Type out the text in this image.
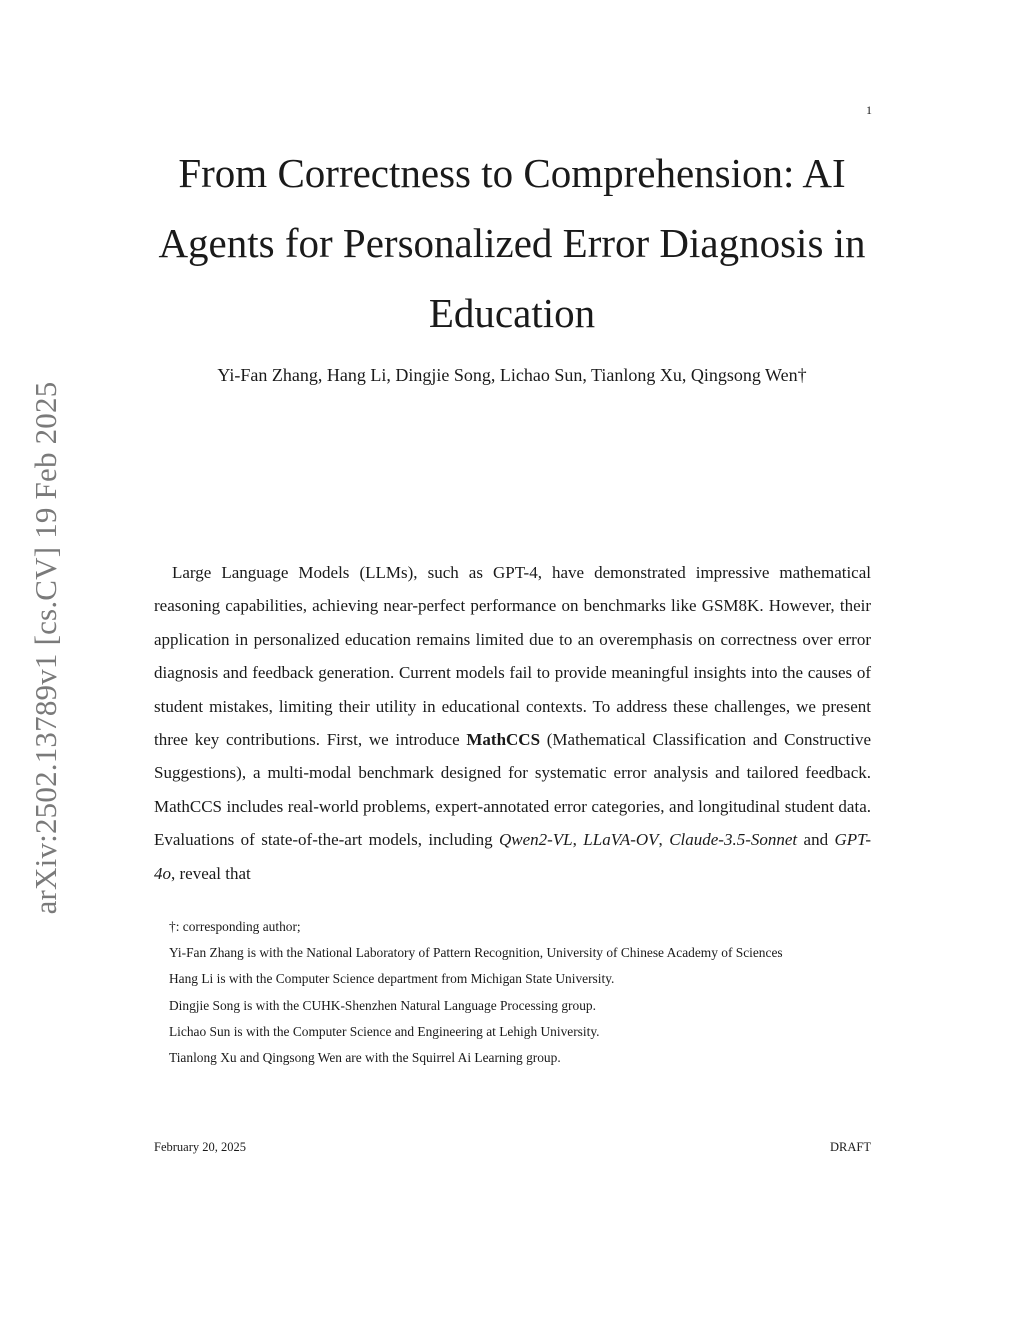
1
arXiv:2502.13789v1 [cs.CV] 19 Feb 2025
From Correctness to Comprehension: AI Agents for Personalized Error Diagnosis in Education
Yi-Fan Zhang, Hang Li, Dingjie Song, Lichao Sun, Tianlong Xu, Qingsong Wen†

Large Language Models (LLMs), such as GPT-4, have demonstrated impressive mathematical reasoning capabilities, achieving near-perfect performance on benchmarks like GSM8K. However, their application in personalized education remains limited due to an overemphasis on correctness over error diagnosis and feedback generation. Current models fail to provide meaningful insights into the causes of student mistakes, limiting their utility in educational contexts. To address these challenges, we present three key contributions. First, we introduce MathCCS (Mathematical Classification and Constructive Suggestions), a multi-modal benchmark designed for systematic error analysis and tailored feedback. MathCCS includes real-world problems, expert-annotated error categories, and longitudinal student data. Evaluations of state-of-the-art models, including Qwen2-VL, LLaVA-OV, Claude-3.5-Sonnet and GPT-4o, reveal that

†: corresponding author;
Yi-Fan Zhang is with the National Laboratory of Pattern Recognition, University of Chinese Academy of Sciences
Hang Li is with the Computer Science department from Michigan State University.
Dingjie Song is with the CUHK-Shenzhen Natural Language Processing group.
Lichao Sun is with the Computer Science and Engineering at Lehigh University.
Tianlong Xu and Qingsong Wen are with the Squirrel Ai Learning group.
February 20, 2025	DRAFT
